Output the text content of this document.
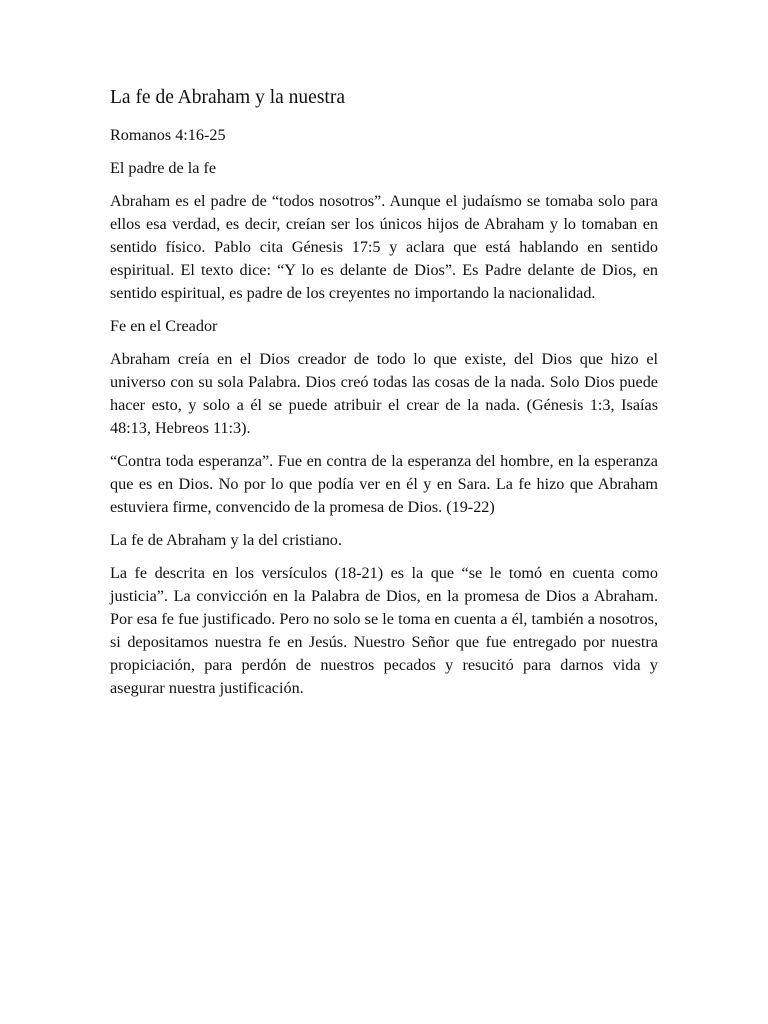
La fe de Abraham y la nuestra
Romanos 4:16-25
El padre de la fe
Abraham es el padre de “todos nosotros”. Aunque el judaísmo se tomaba solo para ellos esa verdad, es decir, creían ser los únicos hijos de Abraham y lo tomaban en sentido físico. Pablo cita Génesis 17:5 y aclara que está hablando en sentido espiritual. El texto dice: “Y lo es delante de Dios”. Es Padre delante de Dios, en sentido espiritual, es padre de los creyentes no importando la nacionalidad.
Fe en el Creador
Abraham creía en el Dios creador de todo lo que existe, del Dios que hizo el universo con su sola Palabra. Dios creó todas las cosas de la nada. Solo Dios puede hacer esto, y solo a él se puede atribuir el crear de la nada. (Génesis 1:3, Isaías 48:13, Hebreos 11:3).
“Contra toda esperanza”. Fue en contra de la esperanza del hombre, en la esperanza que es en Dios. No por lo que podía ver en él y en Sara. La fe hizo que Abraham estuviera firme, convencido de la promesa de Dios. (19-22)
La fe de Abraham y la del cristiano.
La fe descrita en los versículos (18-21) es la que “se le tomó en cuenta como justicia”. La convicción en la Palabra de Dios, en la promesa de Dios a Abraham. Por esa fe fue justificado. Pero no solo se le toma en cuenta a él, también a nosotros, si depositamos nuestra fe en Jesús. Nuestro Señor que fue entregado por nuestra propiciación, para perdón de nuestros pecados y resucitó para darnos vida y asegurar nuestra justificación.
